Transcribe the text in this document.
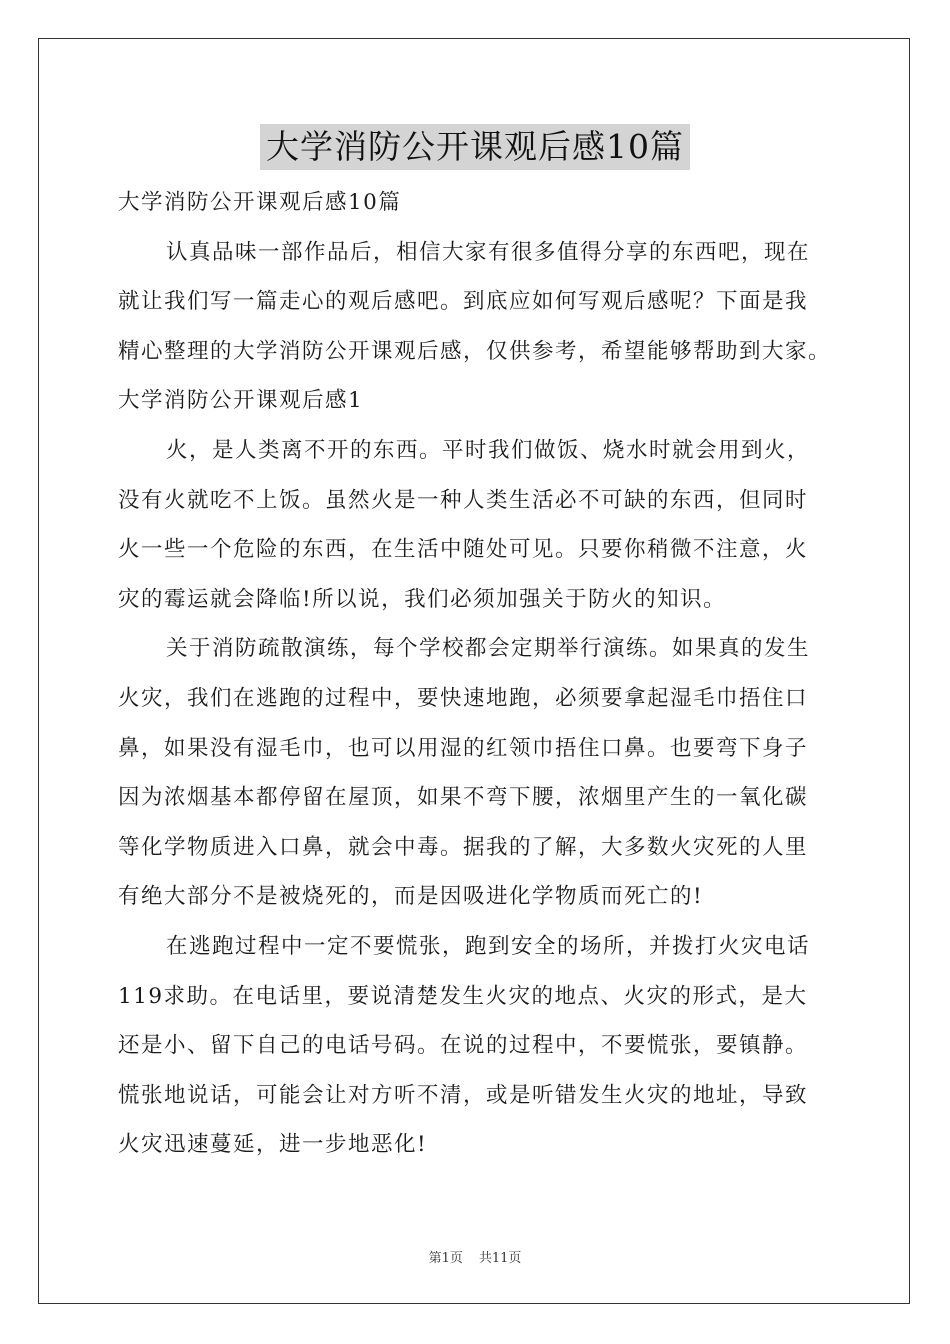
大学消防公开课观后感10篇
大学消防公开课观后感10篇

认真品味一部作品后，相信大家有很多值得分享的东西吧，现在
就让我们写一篇走心的观后感吧。到底应如何写观后感呢？下面是我
精心整理的大学消防公开课观后感，仅供参考，希望能够帮助到大家。

大学消防公开课观后感1

火，是人类离不开的东西。平时我们做饭、烧水时就会用到火，
没有火就吃不上饭。虽然火是一种人类生活必不可缺的东西，但同时
火一些一个危险的东西，在生活中随处可见。只要你稍微不注意，火
灾的霉运就会降临!所以说，我们必须加强关于防火的知识。

关于消防疏散演练，每个学校都会定期举行演练。如果真的发生
火灾，我们在逃跑的过程中，要快速地跑，必须要拿起湿毛巾捂住口
鼻，如果没有湿毛巾，也可以用湿的红领巾捂住口鼻。也要弯下身子
因为浓烟基本都停留在屋顶，如果不弯下腰，浓烟里产生的一氧化碳
等化学物质进入口鼻，就会中毒。据我的了解，大多数火灾死的人里
有绝大部分不是被烧死的，而是因吸进化学物质而死亡的!

在逃跑过程中一定不要慌张，跑到安全的场所，并拨打火灾电话
119求助。在电话里，要说清楚发生火灾的地点、火灾的形式，是大
还是小、留下自己的电话号码。在说的过程中，不要慌张，要镇静。
慌张地说话，可能会让对方听不清，或是听错发生火灾的地址，导致
火灾迅速蔓延，进一步地恶化!

第1页 共11页
